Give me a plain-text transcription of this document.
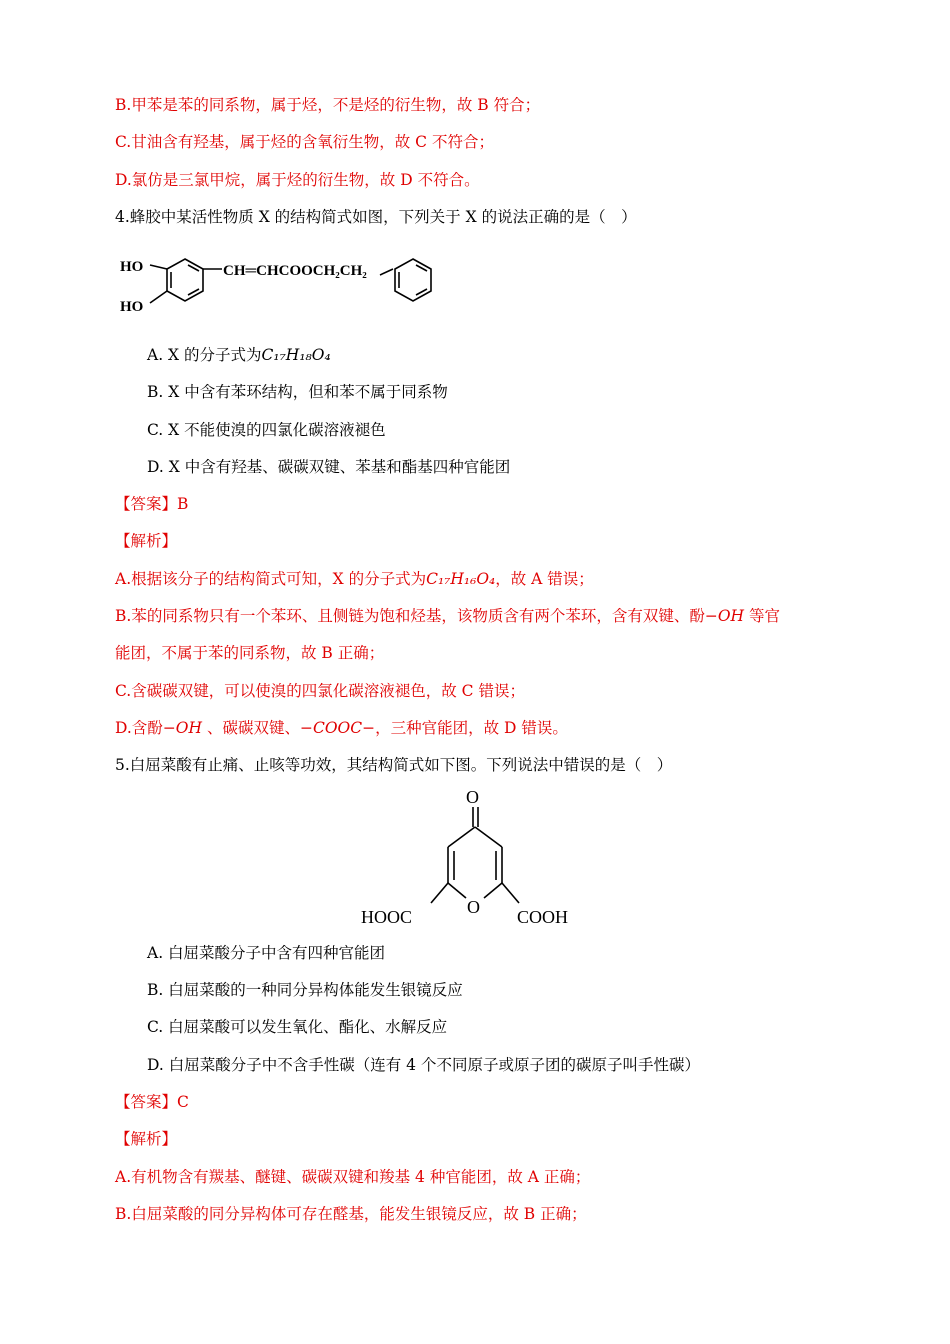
B.甲苯是苯的同系物，属于烃，不是烃的衍生物，故 B 符合；
C.甘油含有羟基，属于烃的含氧衍生物，故 C 不符合；
D.氯仿是三氯甲烷，属于烃的衍生物，故 D 不符合。
4.蜂胶中某活性物质 X 的结构简式如图，下列关于 X 的说法正确的是（　）
HO
HO
CH═CHCOOCH₂CH₂
A. X 的分子式为C₁₇H₁₈O₄
B. X 中含有苯环结构，但和苯不属于同系物
C. X 不能使溴的四氯化碳溶液褪色
D. X 中含有羟基、碳碳双键、苯基和酯基四种官能团
【答案】B
【解析】
A.根据该分子的结构简式可知，X 的分子式为C₁₇H₁₆O₄，故 A 错误；
B.苯的同系物只有一个苯环、且侧链为饱和烃基，该物质含有两个苯环，含有双键、酚−OH 等官
能团，不属于苯的同系物，故 B 正确；
C.含碳碳双键，可以使溴的四氯化碳溶液褪色，故 C 错误；
D.含酚−OH 、碳碳双键、−COOC−，三种官能团，故 D 错误。
5.白屈菜酸有止痛、止咳等功效，其结构简式如下图。下列说法中错误的是（　）
O
O
HOOC	COOH
A. 白屈菜酸分子中含有四种官能团
B. 白屈菜酸的一种同分异构体能发生银镜反应
C. 白屈菜酸可以发生氧化、酯化、水解反应
D. 白屈菜酸分子中不含手性碳（连有 4 个不同原子或原子团的碳原子叫手性碳）
【答案】C
【解析】
A.有机物含有羰基、醚键、碳碳双键和羧基 4 种官能团，故 A 正确；
B.白屈菜酸的同分异构体可存在醛基，能发生银镜反应，故 B 正确；
